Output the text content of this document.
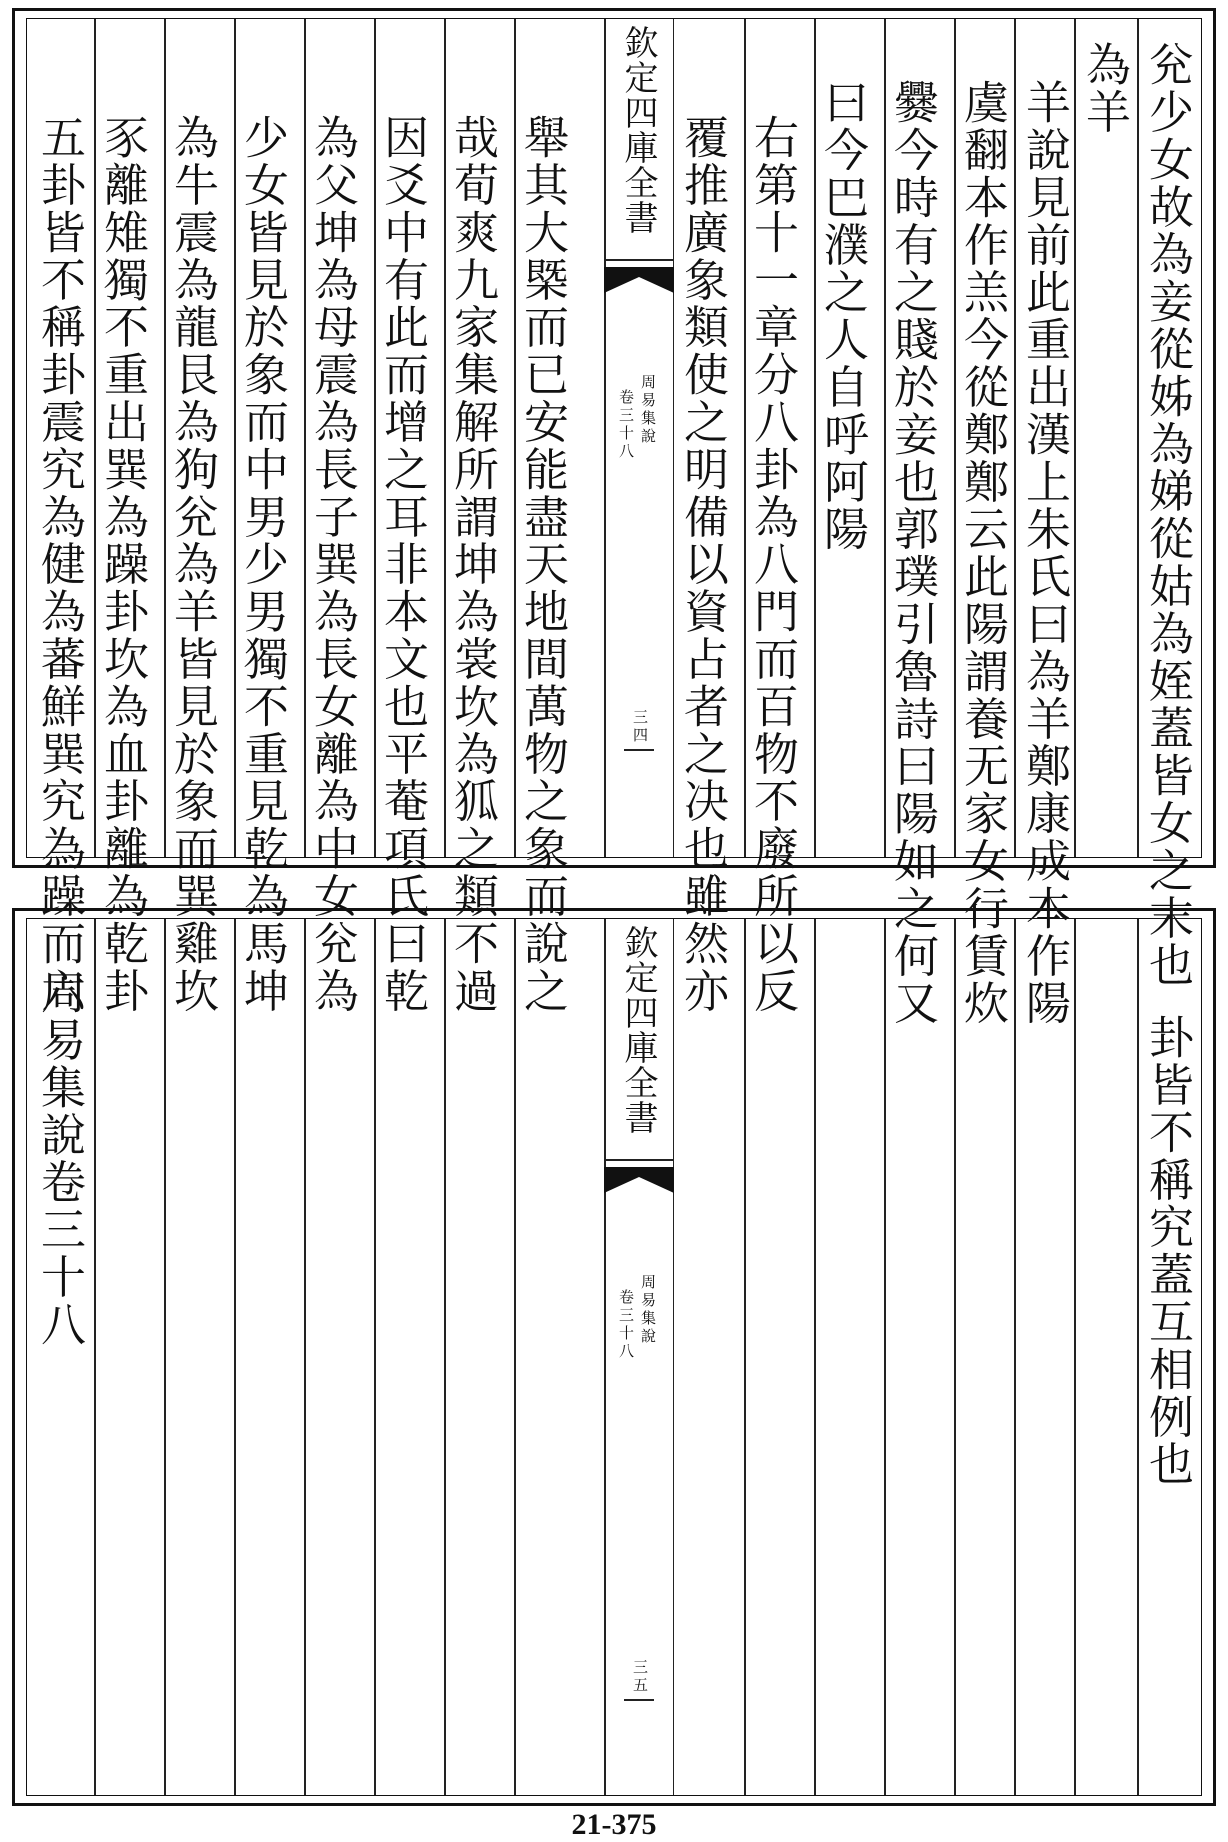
兊少女故為妾從姊為娣從姑為姪蓋皆女之末也
為羊
羊說見前此重出漢上朱氏曰為羊鄭康成本作陽
虞翻本作羔今從鄭鄭云此陽謂養无家女行賃炊
爨今時有之賤於妾也郭璞引魯詩曰陽如之何又
曰今巴濮之人自呼阿陽
右第十一章分八卦為八門而百物不廢所以反
覆推廣象類使之明備以資占者之决也雖然亦
舉其大槩而已安能盡天地間萬物之象而說之
哉荀爽九家集解所謂坤為裳坎為狐之類不過
因爻中有此而增之耳非本文也平菴項氏曰乾
為父坤為母震為長子巽為長女離為中女兊為
少女皆見於象而中男少男獨不重見乾為馬坤
為牛震為龍艮為狗兊為羊皆見於象而巽雞坎
豕離雉獨不重出巽為躁卦坎為血卦離為乾卦
五卦皆不稱卦震究為健為蕃鮮巽究為躁而六	欽定四庫全書
周易集說
卷三十八
三四
卦皆不稱究蓋互相例也
周易集說卷三十八	欽定四庫全書
周易集說
卷三十八
三五
21-375
